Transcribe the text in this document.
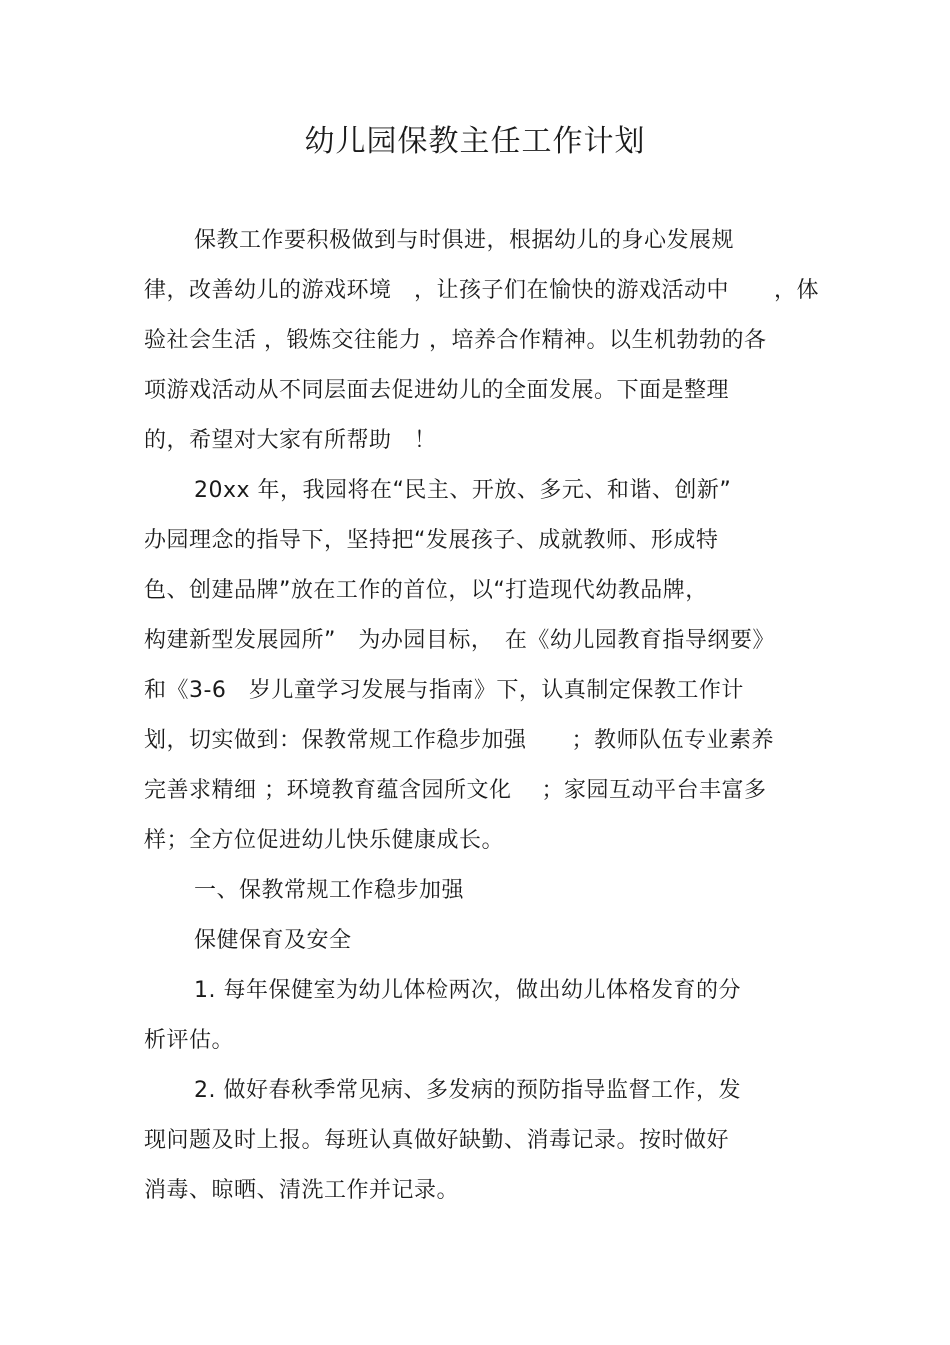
幼儿园保教主任工作计划
保教工作要积极做到与时俱进，根据幼儿的身心发展规
律，改善幼儿的游戏环境　，让孩子们在愉快的游戏活动中　　，体
验社会生活 ，锻炼交往能力 ，培养合作精神。以生机勃勃的各
项游戏活动从不同层面去促进幼儿的全面发展。下面是整理
的，希望对大家有所帮助　！
20xx 年，我园将在“民主、开放、多元、和谐、创新”
办园理念的指导下，坚持把“发展孩子、成就教师、形成特
色、创建品牌”放在工作的首位，以“打造现代幼教品牌，
构建新型发展园所”　为办园目标，　在《幼儿园教育指导纲要》
和《3-6　岁儿童学习发展与指南》下，认真制定保教工作计
划，切实做到：保教常规工作稳步加强　　；教师队伍专业素养
完善求精细 ；环境教育蕴含园所文化　 ；家园互动平台丰富多
样；全方位促进幼儿快乐健康成长。
一、保教常规工作稳步加强
保健保育及安全
1. 每年保健室为幼儿体检两次，做出幼儿体格发育的分
析评估。
2. 做好春秋季常见病、多发病的预防指导监督工作，发
现问题及时上报。每班认真做好缺勤、消毒记录。按时做好
消毒、晾晒、清洗工作并记录。
